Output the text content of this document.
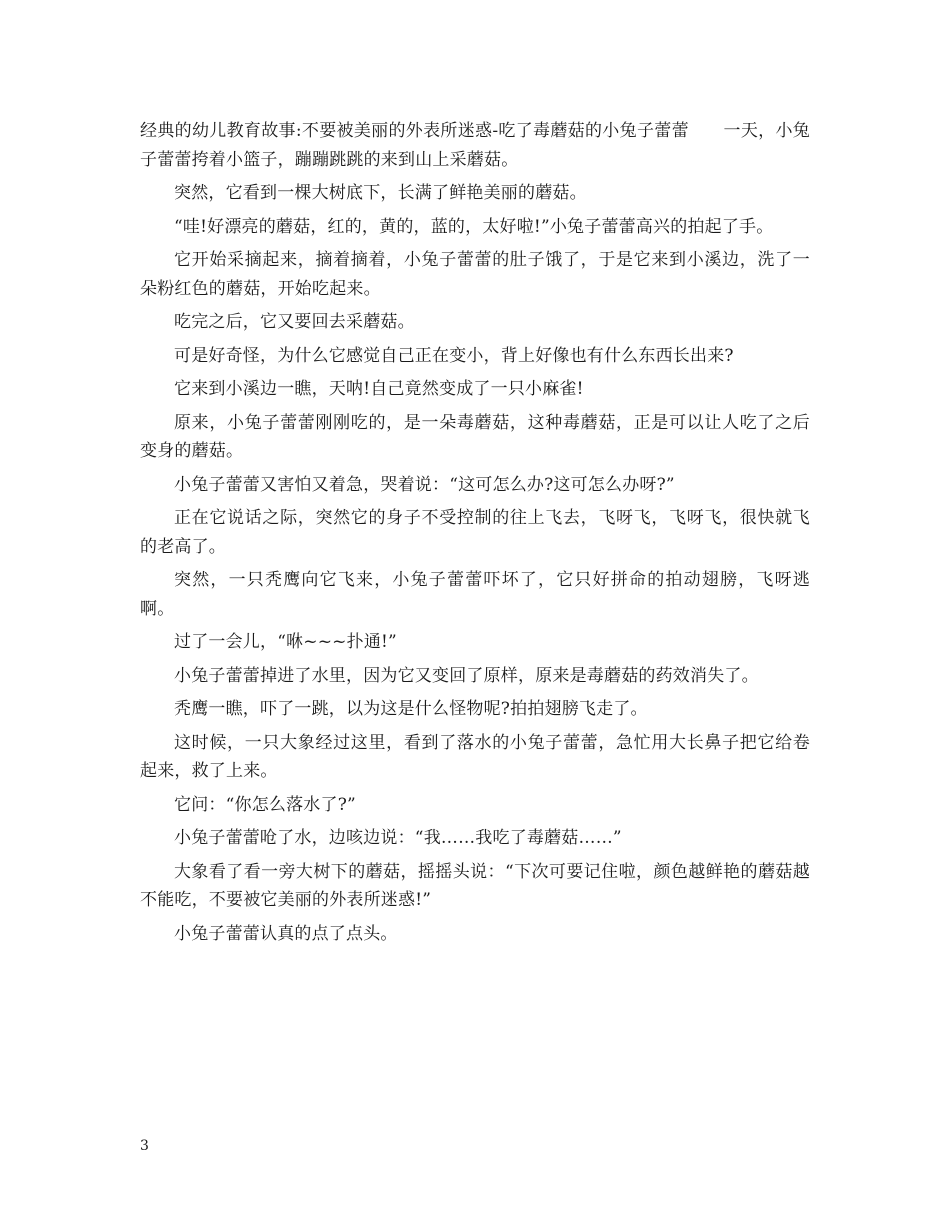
经典的幼儿教育故事:不要被美丽的外表所迷惑-吃了毒蘑菇的小兔子蕾蕾　　一天，小兔子蕾蕾挎着小篮子，蹦蹦跳跳的来到山上采蘑菇。

突然，它看到一棵大树底下，长满了鲜艳美丽的蘑菇。

“哇!好漂亮的蘑菇，红的，黄的，蓝的，太好啦!”小兔子蕾蕾高兴的拍起了手。

它开始采摘起来，摘着摘着，小兔子蕾蕾的肚子饿了，于是它来到小溪边，洗了一朵粉红色的蘑菇，开始吃起来。

吃完之后，它又要回去采蘑菇。

可是好奇怪，为什么它感觉自己正在变小，背上好像也有什么东西长出来?

它来到小溪边一瞧，天呐!自己竟然变成了一只小麻雀!

原来，小兔子蕾蕾刚刚吃的，是一朵毒蘑菇，这种毒蘑菇，正是可以让人吃了之后变身的蘑菇。

小兔子蕾蕾又害怕又着急，哭着说：“这可怎么办?这可怎么办呀?”

正在它说话之际，突然它的身子不受控制的往上飞去，飞呀飞，飞呀飞，很快就飞的老高了。

突然，一只秃鹰向它飞来，小兔子蕾蕾吓坏了，它只好拼命的拍动翅膀，飞呀逃啊。

过了一会儿，“咻~~~扑通!”

小兔子蕾蕾掉进了水里，因为它又变回了原样，原来是毒蘑菇的药效消失了。

秃鹰一瞧，吓了一跳，以为这是什么怪物呢?拍拍翅膀飞走了。

这时候，一只大象经过这里，看到了落水的小兔子蕾蕾，急忙用大长鼻子把它给卷起来，救了上来。

它问：“你怎么落水了?”

小兔子蕾蕾呛了水，边咳边说：“我……我吃了毒蘑菇……”

大象看了看一旁大树下的蘑菇，摇摇头说：“下次可要记住啦，颜色越鲜艳的蘑菇越不能吃，不要被它美丽的外表所迷惑!”

小兔子蕾蕾认真的点了点头。

3
